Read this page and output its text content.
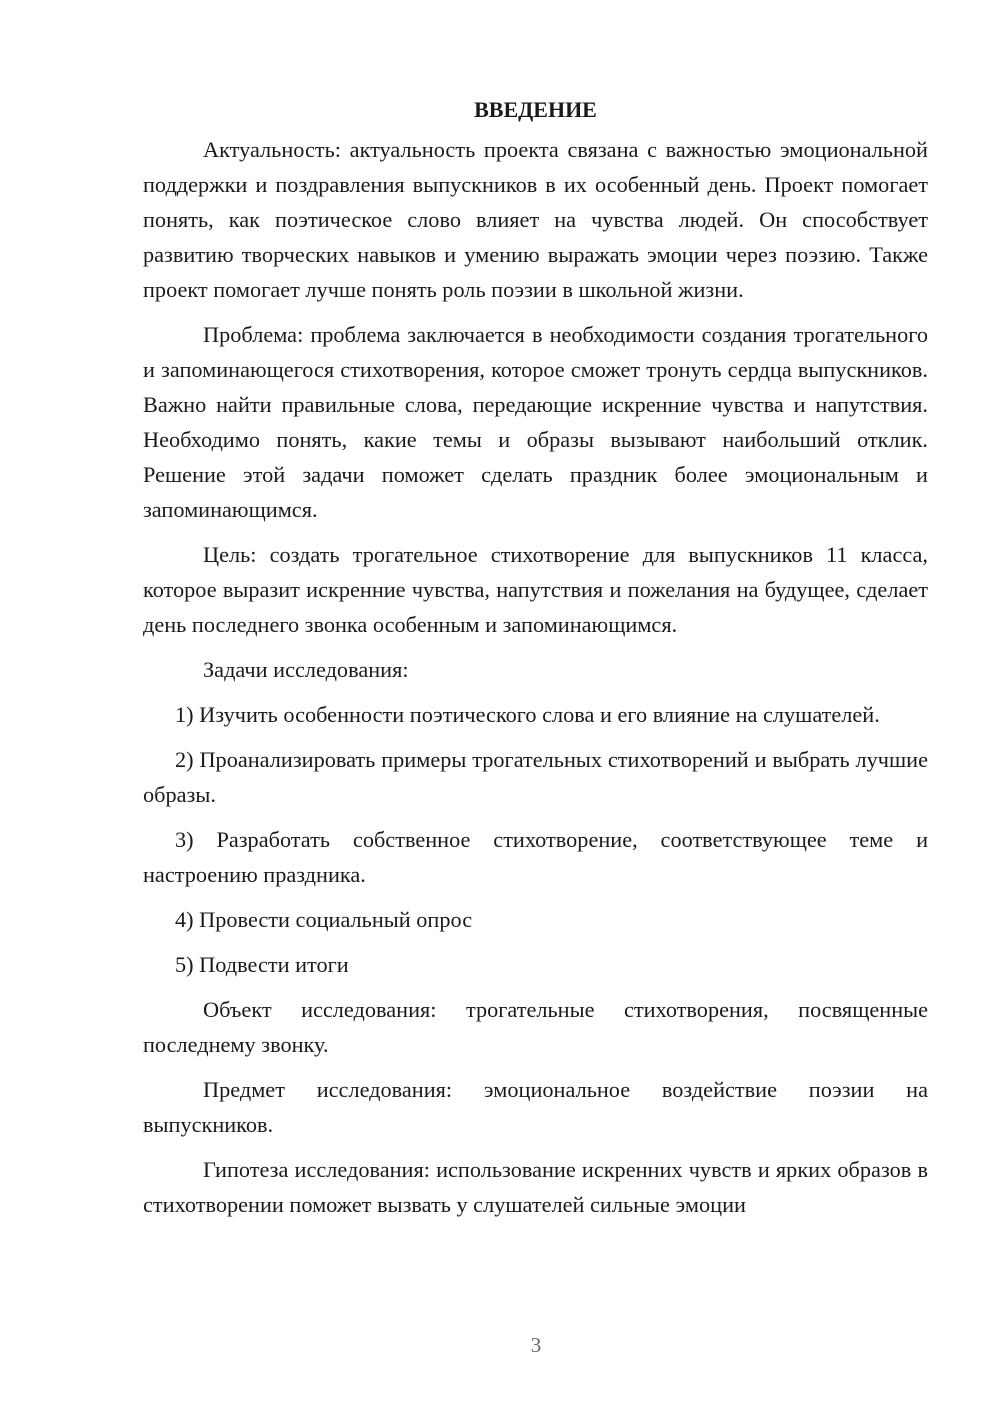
ВВЕДЕНИЕ

Актуальность: актуальность проекта связана с важностью эмоциональной поддержки и поздравления выпускников в их особенный день. Проект помогает понять, как поэтическое слово влияет на чувства людей. Он способствует развитию творческих навыков и умению выражать эмоции через поэзию. Также проект помогает лучше понять роль поэзии в школьной жизни.

Проблема: проблема заключается в необходимости создания трогательного и запоминающегося стихотворения, которое сможет тронуть сердца выпускников. Важно найти правильные слова, передающие искренние чувства и напутствия. Необходимо понять, какие темы и образы вызывают наибольший отклик. Решение этой задачи поможет сделать праздник более эмоциональным и запоминающимся.

Цель: создать трогательное стихотворение для выпускников 11 класса, которое выразит искренние чувства, напутствия и пожелания на будущее, сделает день последнего звонка особенным и запоминающимся.

Задачи исследования:

1) Изучить особенности поэтического слова и его влияние на слушателей.

2) Проанализировать примеры трогательных стихотворений и выбрать лучшие образы.

3) Разработать собственное стихотворение, соответствующее теме и настроению праздника.

4) Провести социальный опрос

5) Подвести итоги

Объект исследования: трогательные стихотворения, посвященные последнему звонку.

Предмет исследования: эмоциональное воздействие поэзии на выпускников.

Гипотеза исследования: использование искренних чувств и ярких образов в стихотворении поможет вызвать у слушателей сильные эмоции

3
